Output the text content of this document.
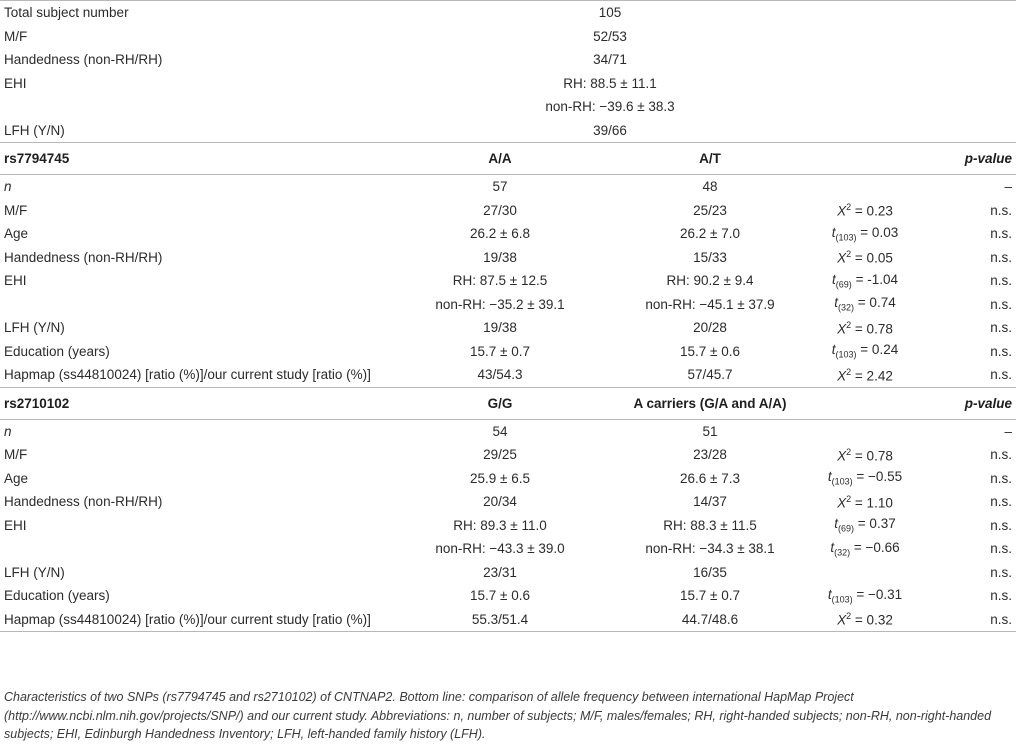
Total subject number	105			
M/F	52/53			
Handedness (non-RH/RH)	34/71			
EHI	RH: 88.5 ± 11.1			
	non-RH: −39.6 ± 38.3			
LFH (Y/N)	39/66			
rs7794745	A/A	A/T		p-value
n	57	48		–
M/F	27/30	25/23	$X^2 = 0.23$	n.s.
Age	26.2 ± 6.8	26.2 ± 7.0	$t_{(103)} = 0.03$	n.s.
Handedness (non-RH/RH)	19/38	15/33	$X^2 = 0.05$	n.s.
EHI	RH: 87.5 ± 12.5	RH: 90.2 ± 9.4	$t_{(69)} = -1.04$	n.s.
	non-RH: −35.2 ± 39.1	non-RH: −45.1 ± 37.9	$t_{(32)} = 0.74$	n.s.
LFH (Y/N)	19/38	20/28	$X^2 = 0.78$	n.s.
Education (years)	15.7 ± 0.7	15.7 ± 0.6	$t_{(103)} = 0.24$	n.s.
Hapmap (ss44810024) [ratio (%)]/our current study [ratio (%)]	43/54.3	57/45.7	$X^2 = 2.42$	n.s.
rs2710102	G/G	A carriers (G/A and A/A)		p-value
n	54	51		–
M/F	29/25	23/28	$X^2 = 0.78$	n.s.
Age	25.9 ± 6.5	26.6 ± 7.3	$t_{(103)} = -0.55$	n.s.
Handedness (non-RH/RH)	20/34	14/37	$X^2 = 1.10$	n.s.
EHI	RH: 89.3 ± 11.0	RH: 88.3 ± 11.5	$t_{(69)} = 0.37$	n.s.
	non-RH: −43.3 ± 39.0	non-RH: −34.3 ± 38.1	$t_{(32)} = -0.66$	n.s.
LFH (Y/N)	23/31	16/35		n.s.
Education (years)	15.7 ± 0.6	15.7 ± 0.7	$t_{(103)} = -0.31$	n.s.
Hapmap (ss44810024) [ratio (%)]/our current study [ratio (%)]	55.3/51.4	44.7/48.6	$X^2 = 0.32$	n.s.
Characteristics of two SNPs (rs7794745 and rs2710102) of CNTNAP2. Bottom line: comparison of allele frequency between international HapMap Project
(http://www.ncbi.nlm.nih.gov/projects/SNP/) and our current study. Abbreviations: n, number of subjects; M/F, males/females; RH, right-handed subjects; non-RH, non-right-handed
subjects; EHI, Edinburgh Handedness Inventory; LFH, left-handed family history (LFH).
